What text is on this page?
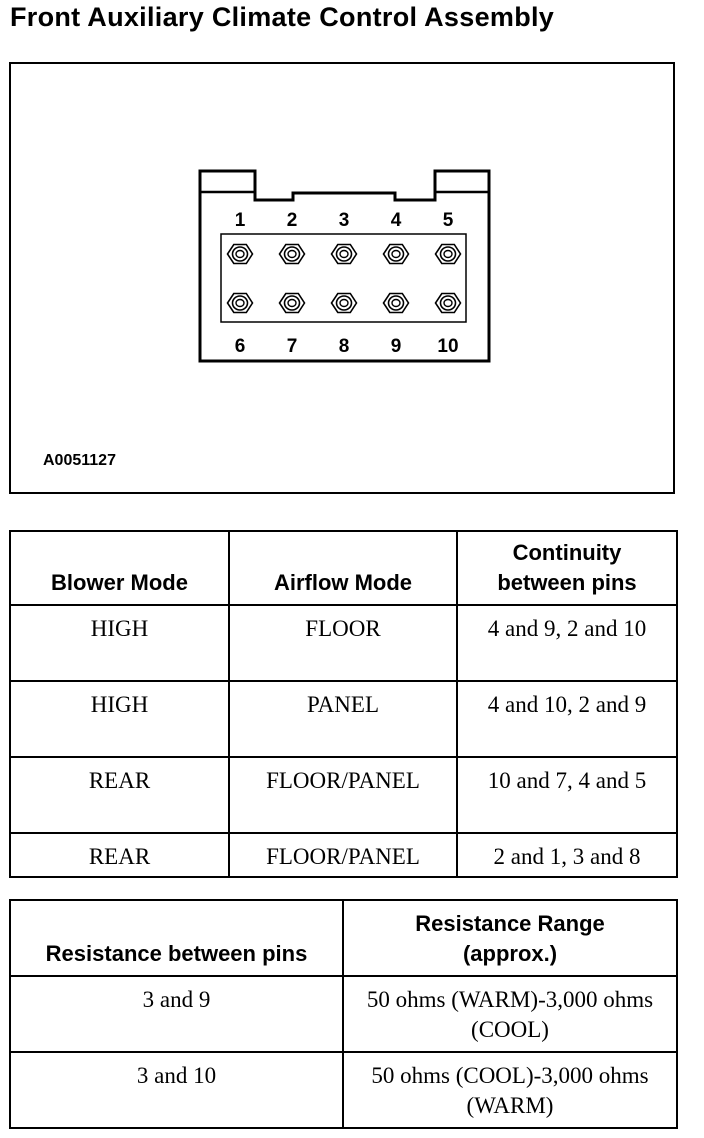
Front Auxiliary Climate Control Assembly
1 2 3 4 5
6 7 8 9 10
A0051127
Blower Mode	Airflow Mode	Continuity between pins
HIGH	FLOOR	4 and 9, 2 and 10
HIGH	PANEL	4 and 10, 2 and 9
REAR	FLOOR/PANEL	10 and 7, 4 and 5
REAR	FLOOR/PANEL	2 and 1, 3 and 8
Resistance between pins	Resistance Range (approx.)
3 and 9	50 ohms (WARM)-3,000 ohms (COOL)
3 and 10	50 ohms (COOL)-3,000 ohms (WARM)
